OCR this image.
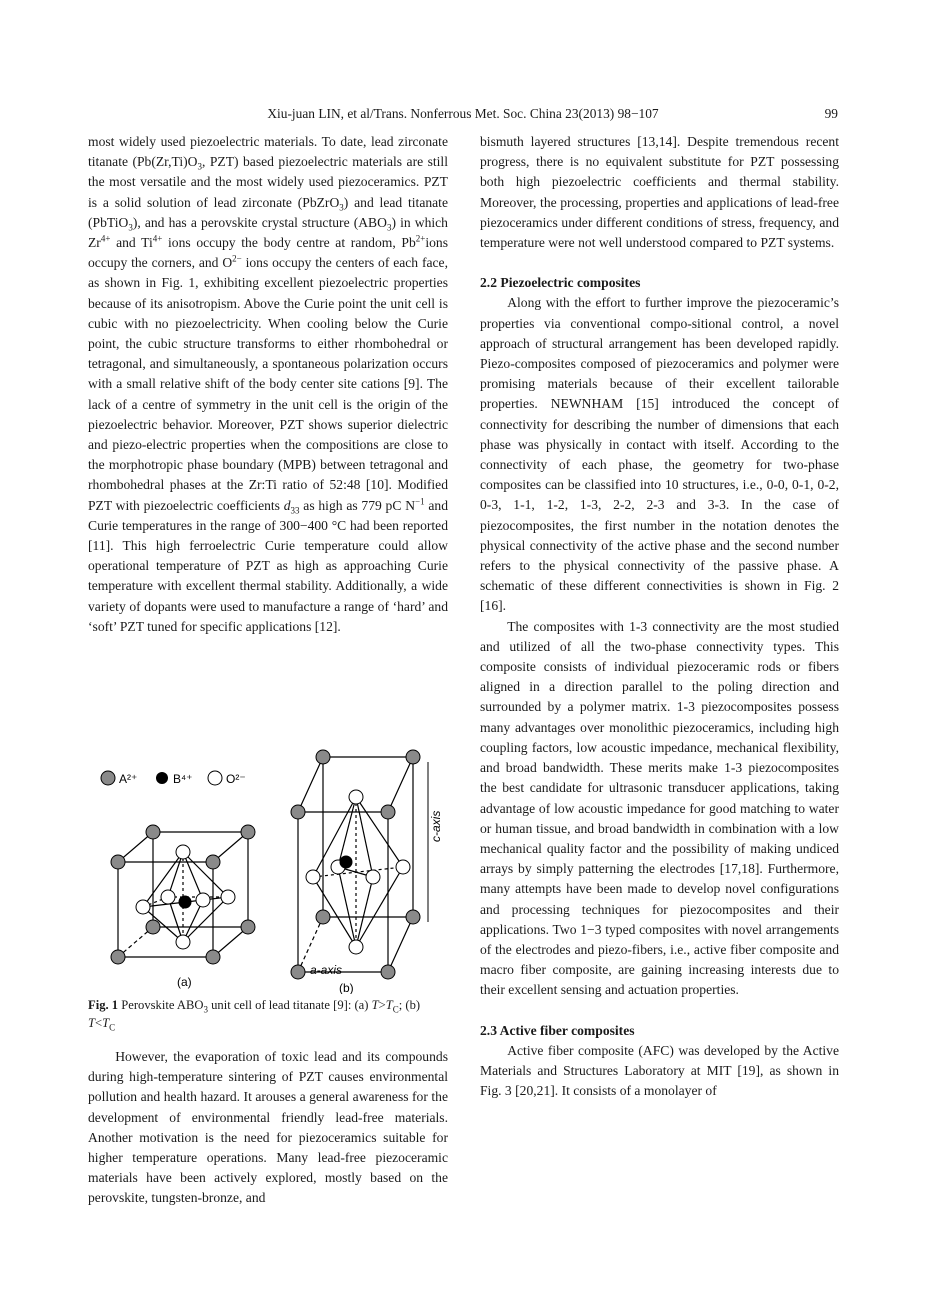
Xiu-juan LIN, et al/Trans. Nonferrous Met. Soc. China 23(2013) 98−107	99

most widely used piezoelectric materials. To date, lead zirconate titanate ($Pb(Zr,Ti)O_3$, PZT) based piezoelectric materials are still the most versatile and the most widely used piezoceramics. PZT is a solid solution of lead zirconate (PbZrO$_3$) and lead titanate (PbTiO$_3$), and has a perovskite crystal structure $(ABO_3)$ in which $Zr^{4+}$ and $Ti^{4+}$ ions occupy the body centre at random, $Pb^{2+}ions$ occupy the corners, and $O^{2-}$ ions occupy the centers of each face, as shown in Fig. 1, exhibiting excellent piezoelectric properties because of its anisotropism. Above the Curie point the unit cell is cubic with no piezoelectricity. When cooling below the Curie point, the cubic structure transforms to either rhombohedral or tetragonal, and simultaneously, a spontaneous polarization occurs with a small relative shift of the body center site cations [9]. The lack of a centre of symmetry in the unit cell is the origin of the piezoelectric behavior. Moreover, PZT shows superior dielectric and piezo-electric properties when the compositions are close to the morphotropic phase boundary (MPB) between tetragonal and rhombohedral phases at the Zr:Ti ratio of 52:48 [10]. Modified PZT with piezoelectric coefficients $d_{33}$ as high as 779 pC $N^{-1}$ and Curie temperatures in the range of 300−400 °C had been reported [11]. This high ferroelectric Curie temperature could allow operational temperature of PZT as high as approaching Curie temperature with excellent thermal stability. Additionally, a wide variety of dopants were used to manufacture a range of ‘hard’ and ‘soft’ PZT tuned for specific applications [12].

A²⁺	B⁴⁺	O²⁻
(a)
c-axis
a-axis
(b)
Fig. 1 Perovskite $ABO_3$ unit cell of lead titanate [9]: (a) $T>T_C$; (b) $T<T_C$

However, the evaporation of toxic lead and its compounds during high-temperature sintering of PZT causes environmental pollution and health hazard. It arouses a general awareness for the development of environmental friendly lead-free materials. Another motivation is the need for piezoceramics suitable for higher temperature operations. Many lead-free piezoceramic materials have been actively explored, mostly based on the perovskite, tungsten-bronze, and

bismuth layered structures [13,14]. Despite tremendous recent progress, there is no equivalent substitute for PZT possessing both high piezoelectric coefficients and thermal stability. Moreover, the processing, properties and applications of lead-free piezoceramics under different conditions of stress, frequency, and temperature were not well understood compared to PZT systems.

2.2 Piezoelectric composites

Along with the effort to further improve the piezoceramic’s properties via conventional compo-sitional control, a novel approach of structural arrangement has been developed rapidly. Piezo-composites composed of piezoceramics and polymer were promising materials because of their excellent tailorable properties. NEWNHAM [15] introduced the concept of connectivity for describing the number of dimensions that each phase was physically in contact with itself. According to the connectivity of each phase, the geometry for two-phase composites can be classified into 10 structures, i.e., 0-0, 0-1, 0-2, 0-3, 1-1, 1-2, 1-3, 2-2, 2-3 and 3-3. In the case of piezocomposites, the first number in the notation denotes the physical connectivity of the active phase and the second number refers to the physical connectivity of the passive phase. A schematic of these different connectivities is shown in Fig. 2 [16].

The composites with 1-3 connectivity are the most studied and utilized of all the two-phase connectivity types. This composite consists of individual piezoceramic rods or fibers aligned in a direction parallel to the poling direction and surrounded by a polymer matrix. 1-3 piezocomposites possess many advantages over monolithic piezoceramics, including high coupling factors, low acoustic impedance, mechanical flexibility, and broad bandwidth. These merits make 1-3 piezocomposites the best candidate for ultrasonic transducer applications, taking advantage of low acoustic impedance for good matching to water or human tissue, and broad bandwidth in combination with a low mechanical quality factor and the possibility of making undiced arrays by simply patterning the electrodes [17,18]. Furthermore, many attempts have been made to develop novel configurations and processing techniques for piezocomposites and their applications. Two 1−3 typed composites with novel arrangements of the electrodes and piezo-fibers, i.e., active fiber composite and macro fiber composite, are gaining increasing interests due to their excellent sensing and actuation properties.

2.3 Active fiber composites

Active fiber composite (AFC) was developed by the Active Materials and Structures Laboratory at MIT [19], as shown in Fig. 3 [20,21]. It consists of a monolayer of
